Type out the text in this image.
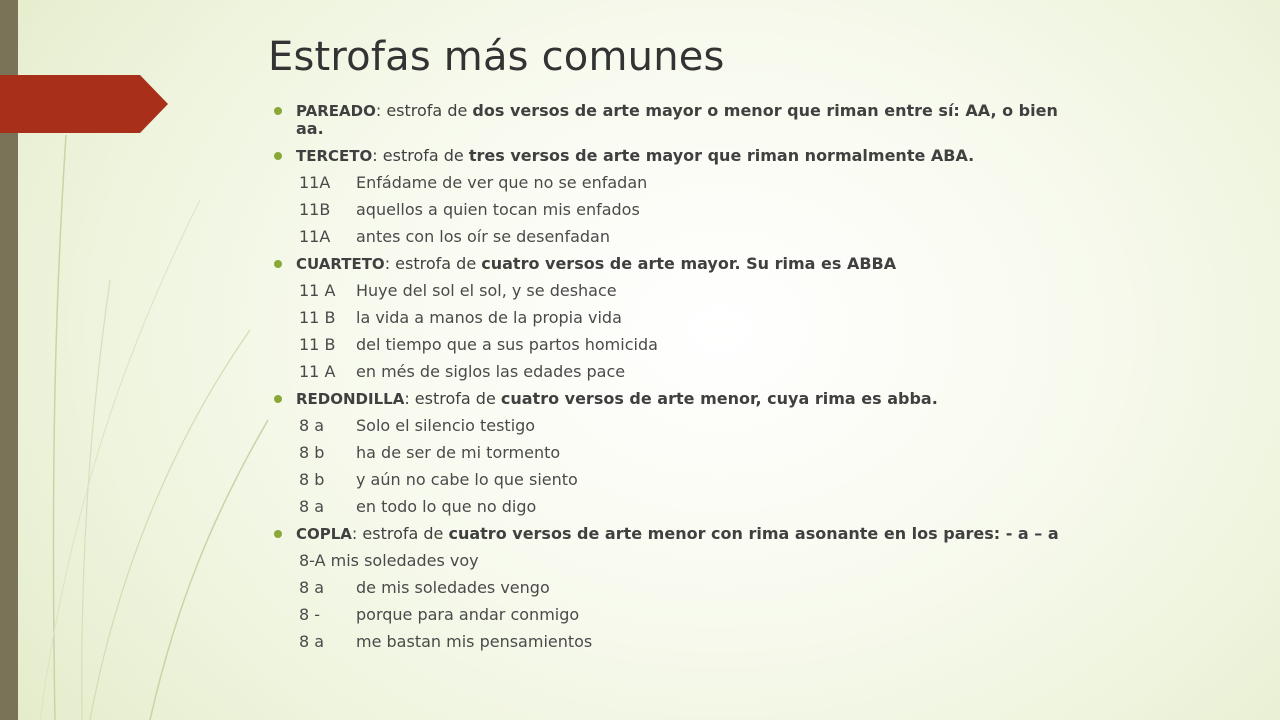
Estrofas más comunes
PAREADO: estrofa de dos versos de arte mayor o menor que riman entre sí: AA, o bien aa.
TERCETO: estrofa de tres versos de arte mayor que riman normalmente ABA.
11A Enfádame de ver que no se enfadan
11B aquellos a quien tocan mis enfados
11A antes con los oír se desenfadan
CUARTETO: estrofa de cuatro versos de arte mayor. Su rima es ABBA
11 A Huye del sol el sol, y se deshace
11 B la vida a manos de la propia vida
11 B del tiempo que a sus partos homicida
11 A en més de siglos las edades pace
REDONDILLA: estrofa de cuatro versos de arte menor, cuya rima es abba.
8 a Solo el silencio testigo
8 b ha de ser de mi tormento
8 b y aún no cabe lo que siento
8 a en todo lo que no digo
COPLA: estrofa de cuatro versos de arte menor con rima asonante en los pares: - a – a
8-A mis soledades voy
8 a de mis soledades vengo
8 - porque para andar conmigo
8 a me bastan mis pensamientos
